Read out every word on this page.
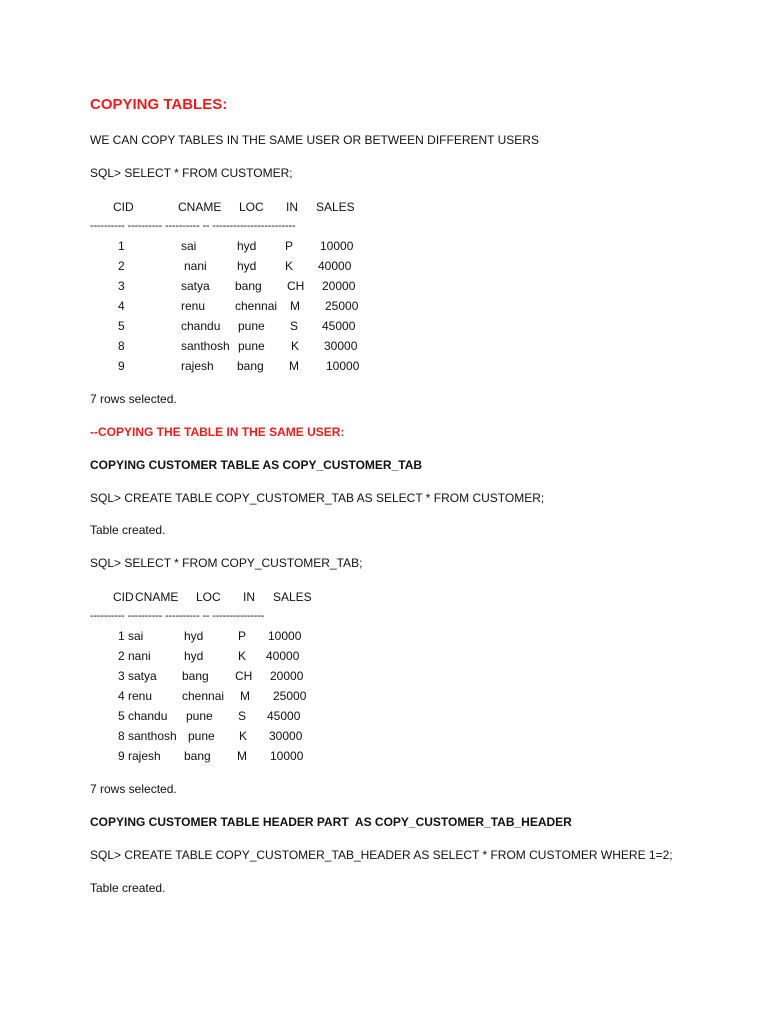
COPYING TABLES:
WE CAN COPY TABLES IN THE SAME USER OR BETWEEN DIFFERENT USERS
SQL> SELECT * FROM CUSTOMER;
CID	CNAME LOC IN SALES
---------- ---------- ---------- -- ------------------------
1	sai	hyd P 10000
2	nani	hyd K 40000
3	satya bang CH 20000
4	renu chennai M 25000
5	chandu pune S 45000
8	santhosh pune K 30000
9	rajesh bang M 10000
7 rows selected.
--COPYING THE TABLE IN THE SAME USER:
COPYING CUSTOMER TABLE AS COPY_CUSTOMER_TAB
SQL> CREATE TABLE COPY_CUSTOMER_TAB AS SELECT * FROM CUSTOMER;
Table created.
SQL> SELECT * FROM COPY_CUSTOMER_TAB;
CID CNAME LOC IN SALES
---------- ---------- ---------- -- ---------------
1 sai	hyd	P 10000
2 nani	hyd	K 40000
3 satya bang CH 20000
4 renu chennai M 25000
5 chandu pune S 45000
8 santhosh pune K 30000
9 rajesh bang M 10000
7 rows selected.
COPYING CUSTOMER TABLE HEADER PART  AS COPY_CUSTOMER_TAB_HEADER
SQL> CREATE TABLE COPY_CUSTOMER_TAB_HEADER AS SELECT * FROM CUSTOMER WHERE 1=2;
Table created.
